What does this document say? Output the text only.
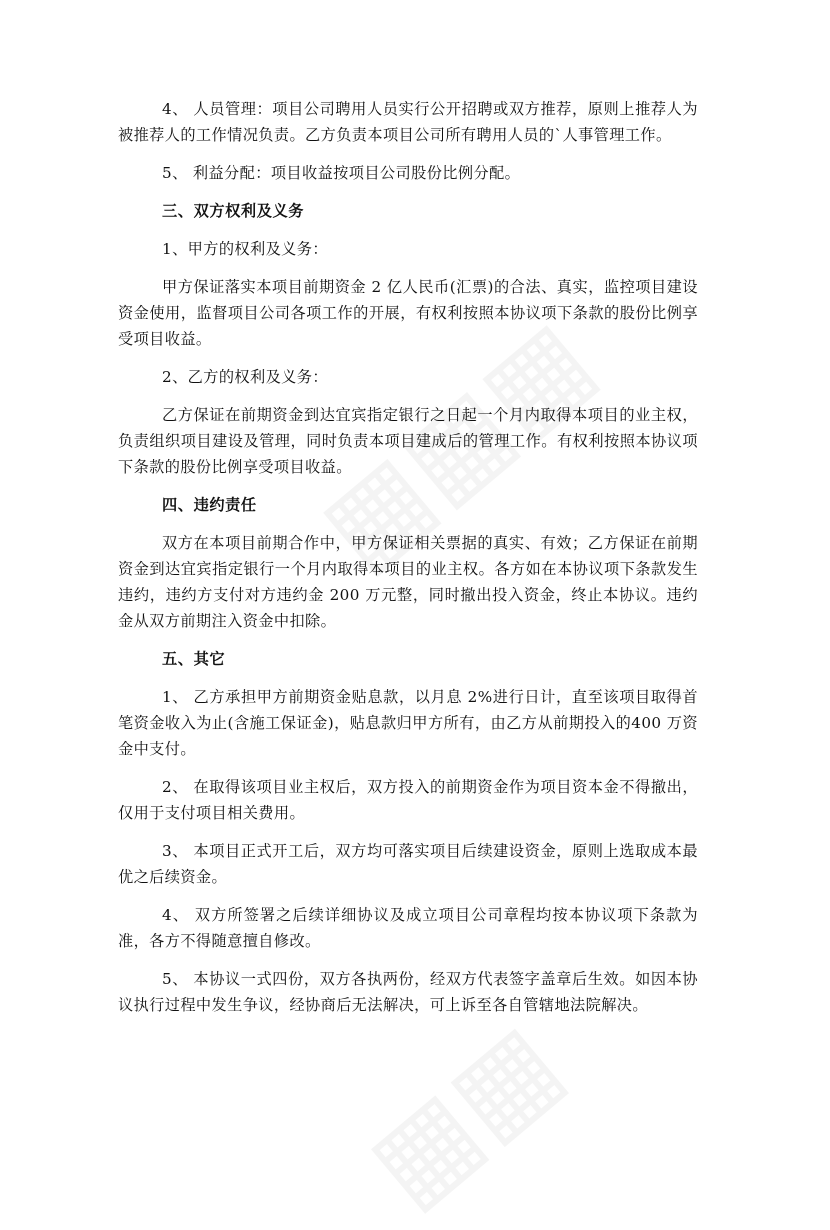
4、 人员管理：项目公司聘用人员实行公开招聘或双方推荐，原则上推荐人为被推荐人的工作情况负责。乙方负责本项目公司所有聘用人员的`人事管理工作。

5、 利益分配：项目收益按项目公司股份比例分配。

三、双方权利及义务

1、甲方的权利及义务：

甲方保证落实本项目前期资金 2 亿人民币(汇票)的合法、真实，监控项目建设资金使用，监督项目公司各项工作的开展，有权利按照本协议项下条款的股份比例享受项目收益。

2、乙方的权利及义务：

乙方保证在前期资金到达宜宾指定银行之日起一个月内取得本项目的业主权，负责组织项目建设及管理，同时负责本项目建成后的管理工作。有权利按照本协议项下条款的股份比例享受项目收益。

四、违约责任

双方在本项目前期合作中，甲方保证相关票据的真实、有效；乙方保证在前期资金到达宜宾指定银行一个月内取得本项目的业主权。各方如在本协议项下条款发生违约，违约方支付对方违约金 200 万元整，同时撤出投入资金，终止本协议。违约金从双方前期注入资金中扣除。

五、其它

1、 乙方承担甲方前期资金贴息款，以月息 2%进行日计，直至该项目取得首笔资金收入为止(含施工保证金)，贴息款归甲方所有，由乙方从前期投入的400 万资金中支付。

2、 在取得该项目业主权后，双方投入的前期资金作为项目资本金不得撤出，仅用于支付项目相关费用。

3、 本项目正式开工后，双方均可落实项目后续建设资金，原则上选取成本最优之后续资金。

4、 双方所签署之后续详细协议及成立项目公司章程均按本协议项下条款为准，各方不得随意擅自修改。

5、 本协议一式四份，双方各执两份，经双方代表签字盖章后生效。如因本协议执行过程中发生争议，经协商后无法解决，可上诉至各自管辖地法院解决。
